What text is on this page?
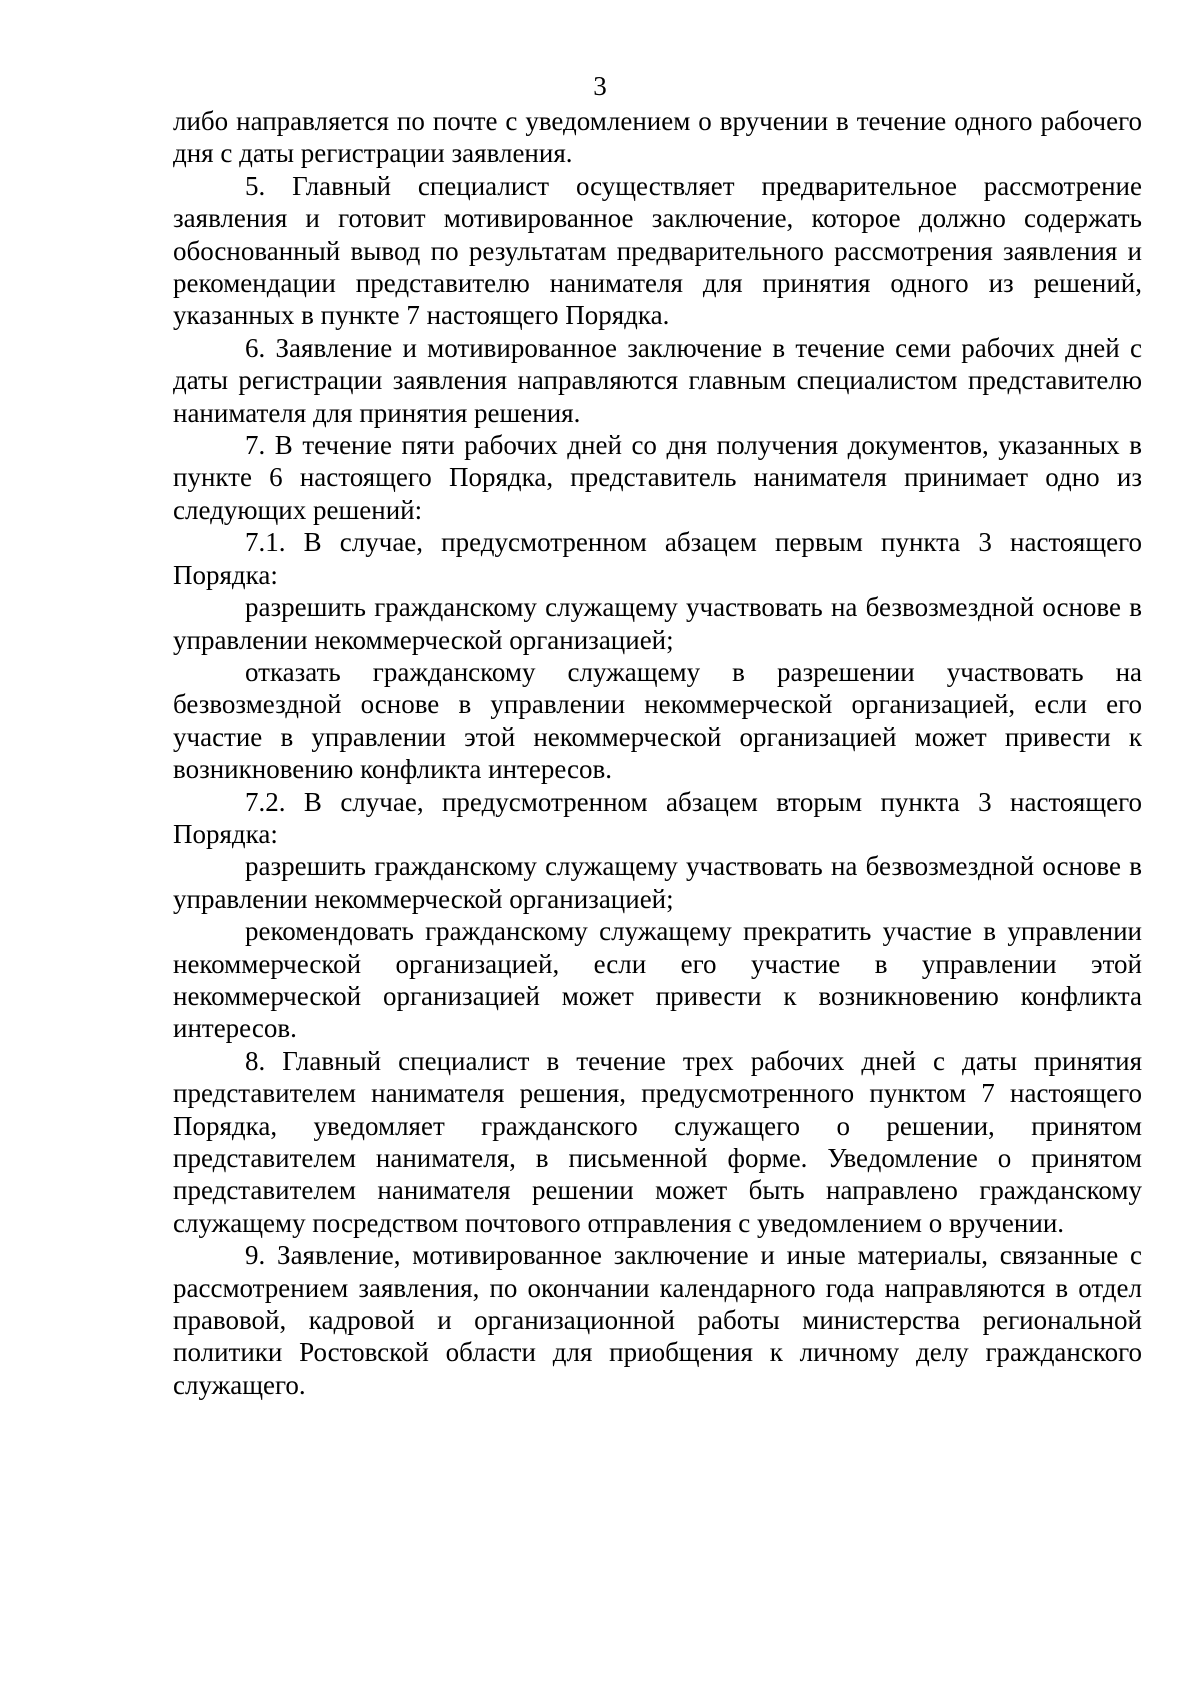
3

либо направляется по почте с уведомлением о вручении в течение одного рабочего дня с даты регистрации заявления.

5. Главный специалист осуществляет предварительное рассмотрение заявления и готовит мотивированное заключение, которое должно содержать обоснованный вывод по результатам предварительного рассмотрения заявления и рекомендации представителю нанимателя для принятия одного из решений, указанных в пункте 7 настоящего Порядка.

6. Заявление и мотивированное заключение в течение семи рабочих дней с даты регистрации заявления направляются главным специалистом представителю нанимателя для принятия решения.

7. В течение пяти рабочих дней со дня получения документов, указанных в пункте 6 настоящего Порядка, представитель нанимателя принимает одно из следующих решений:

7.1. В случае, предусмотренном абзацем первым пункта 3 настоящего Порядка:

разрешить гражданскому служащему участвовать на безвозмездной основе в управлении некоммерческой организацией;

отказать гражданскому служащему в разрешении участвовать на безвозмездной основе в управлении некоммерческой организацией, если его участие в управлении этой некоммерческой организацией может привести к возникновению конфликта интересов.

7.2. В случае, предусмотренном абзацем вторым пункта 3 настоящего Порядка:

разрешить гражданскому служащему участвовать на безвозмездной основе в управлении некоммерческой организацией;

рекомендовать гражданскому служащему прекратить участие в управлении некоммерческой организацией, если его участие в управлении этой некоммерческой организацией может привести к возникновению конфликта интересов.

8. Главный специалист в течение трех рабочих дней с даты принятия представителем нанимателя решения, предусмотренного пунктом 7 настоящего Порядка, уведомляет гражданского служащего о решении, принятом представителем нанимателя, в письменной форме. Уведомление о принятом представителем нанимателя решении может быть направлено гражданскому служащему посредством почтового отправления с уведомлением о вручении.

9. Заявление, мотивированное заключение и иные материалы, связанные с рассмотрением заявления, по окончании календарного года направляются в отдел правовой, кадровой и организационной работы министерства региональной политики Ростовской области для приобщения к личному делу гражданского служащего.
